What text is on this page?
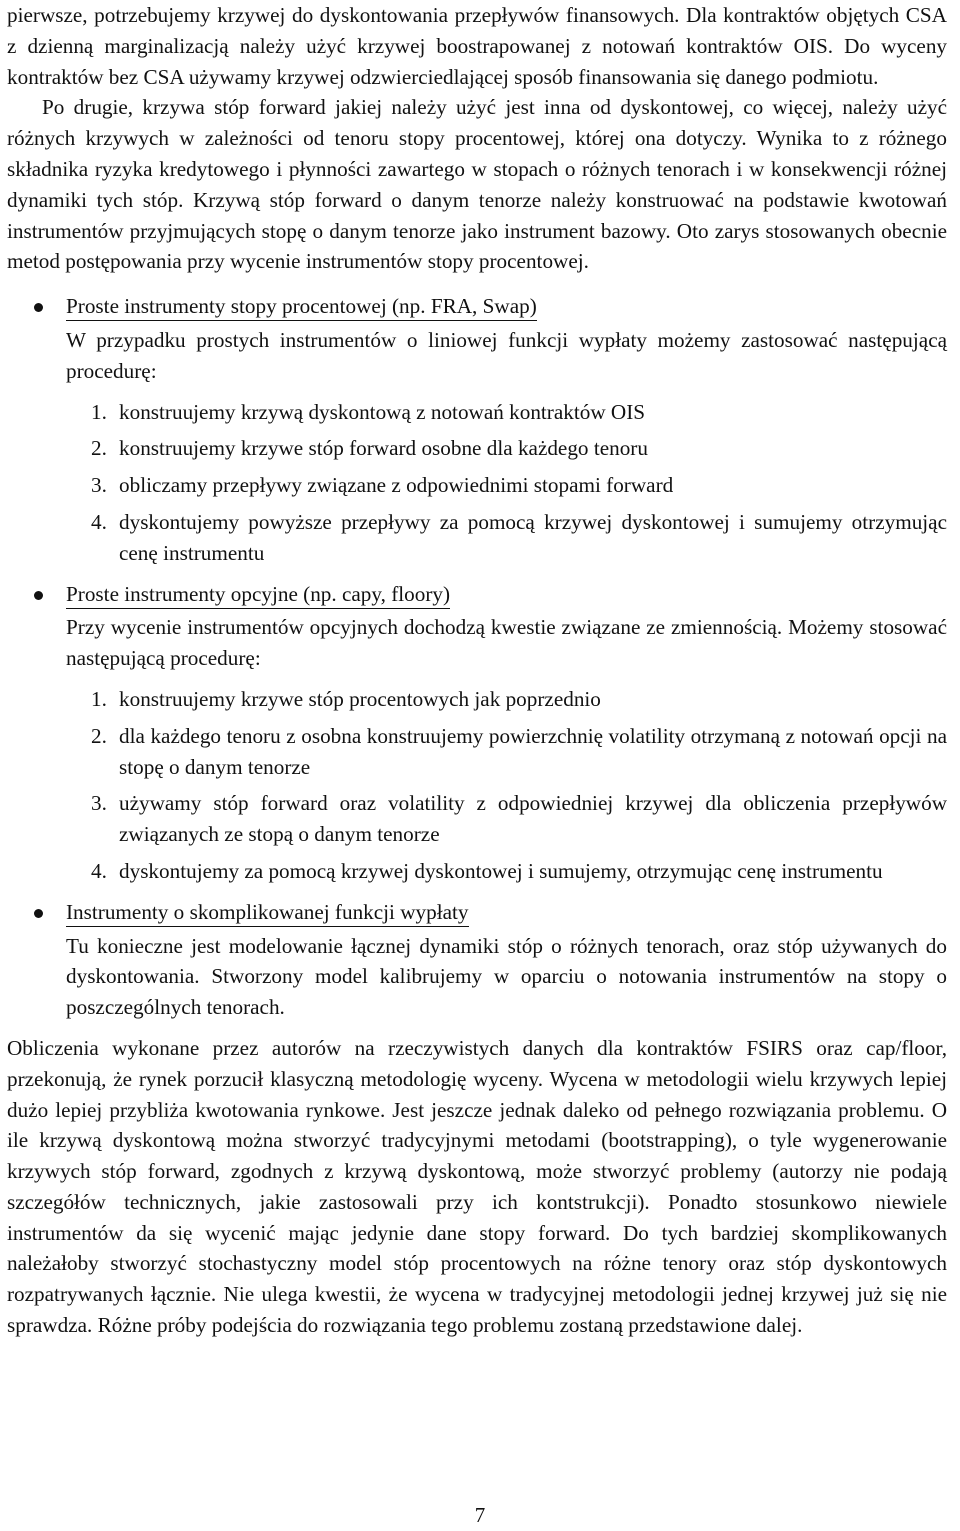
pierwsze, potrzebujemy krzywej do dyskontowania przepływów finansowych. Dla kontraktów objętych CSA z dzienną marginalizacją należy użyć krzywej boostrapowanej z notowań kontraktów OIS. Do wyceny kontraktów bez CSA używamy krzywej odzwierciedlającej sposób finansowania się danego podmiotu.

Po drugie, krzywa stóp forward jakiej należy użyć jest inna od dyskontowej, co więcej, należy użyć różnych krzywych w zależności od tenoru stopy procentowej, której ona dotyczy. Wynika to z różnego składnika ryzyka kredytowego i płynności zawartego w stopach o różnych tenorach i w konsekwencji różnej dynamiki tych stóp. Krzywą stóp forward o danym tenorze należy konstruować na podstawie kwotowań instrumentów przyjmujących stopę o danym tenorze jako instrument bazowy. Oto zarys stosowanych obecnie metod postępowania przy wycenie instrumentów stopy procentowej.

Proste instrumenty stopy procentowej (np. FRA, Swap)
W przypadku prostych instrumentów o liniowej funkcji wypłaty możemy zastosować następującą procedurę:
1. konstruujemy krzywą dyskontową z notowań kontraktów OIS
2. konstruujemy krzywe stóp forward osobne dla każdego tenoru
3. obliczamy przepływy związane z odpowiednimi stopami forward
4. dyskontujemy powyższe przepływy za pomocą krzywej dyskontowej i sumujemy otrzymując cenę instrumentu
Proste instrumenty opcyjne (np. capy, floory)
Przy wycenie instrumentów opcyjnych dochodzą kwestie związane ze zmiennością. Możemy stosować następującą procedurę:
1. konstruujemy krzywe stóp procentowych jak poprzednio
2. dla każdego tenoru z osobna konstruujemy powierzchnię volatility otrzymaną z notowań opcji na stopę o danym tenorze
3. używamy stóp forward oraz volatility z odpowiedniej krzywej dla obliczenia przepływów związanych ze stopą o danym tenorze
4. dyskontujemy za pomocą krzywej dyskontowej i sumujemy, otrzymując cenę instrumentu
Instrumenty o skomplikowanej funkcji wypłaty
Tu konieczne jest modelowanie łącznej dynamiki stóp o różnych tenorach, oraz stóp używanych do dyskontowania. Stworzony model kalibrujemy w oparciu o notowania instrumentów na stopy o poszczególnych tenorach.

Obliczenia wykonane przez autorów na rzeczywistych danych dla kontraktów FSIRS oraz cap/floor, przekonują, że rynek porzucił klasyczną metodologię wyceny. Wycena w metodologii wielu krzywych lepiej dużo lepiej przybliża kwotowania rynkowe. Jest jeszcze jednak daleko od pełnego rozwiązania problemu. O ile krzywą dyskontową można stworzyć tradycyjnymi metodami (bootstrapping), o tyle wygenerowanie krzywych stóp forward, zgodnych z krzywą dyskontową, może stworzyć problemy (autorzy nie podają szczegółów technicznych, jakie zastosowali przy ich kontstrukcji). Ponadto stosunkowo niewiele instrumentów da się wycenić mając jedynie dane stopy forward. Do tych bardziej skomplikowanych należałoby stworzyć stochastyczny model stóp procentowych na różne tenory oraz stóp dyskontowych rozpatrywanych łącznie. Nie ulega kwestii, że wycena w tradycyjnej metodologii jednej krzywej już się nie sprawdza. Różne próby podejścia do rozwiązania tego problemu zostaną przedstawione dalej.

7
